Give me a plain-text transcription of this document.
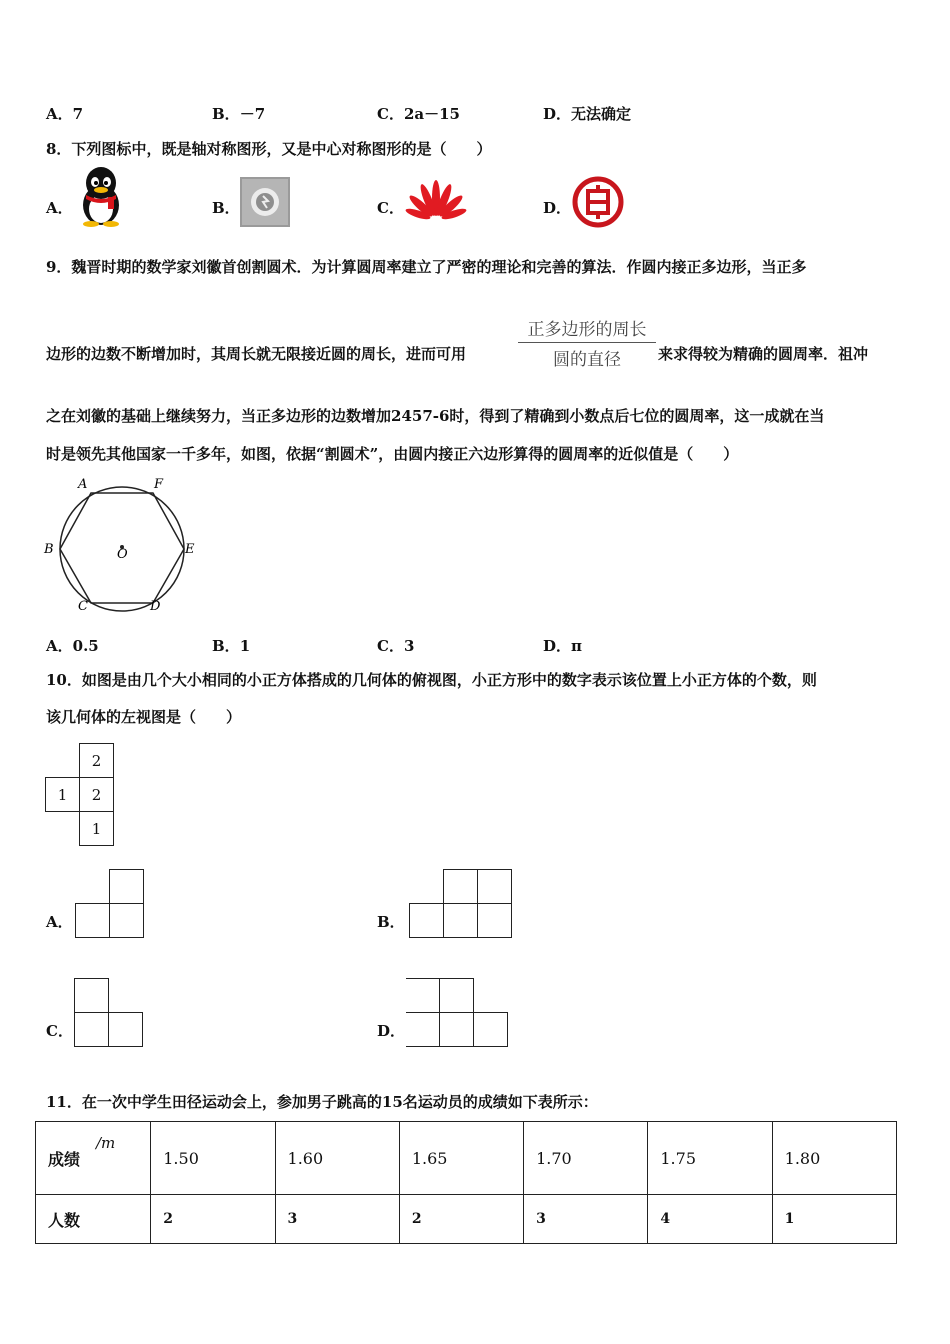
A．7	B．－7	C．2a－15	D．无法确定
8．下列图标中，既是轴对称图形，又是中心对称图形的是（　　）
A．	B．	C．	D．
9．魏晋时期的数学家刘徽首创割圆术．为计算圆周率建立了严密的理论和完善的算法．作圆内接正多边形，当正多
边形的边数不断增加时，其周长就无限接近圆的周长，进而可用
正多边形的周长
圆的直径	来求得较为精确的圆周率．祖冲
之在刘徽的基础上继续努力，当正多边形的边数增加2457-6时，得到了精确到小数点后七位的圆周率，这一成就在当
时是领先其他国家一千多年，如图，依据“割圆术”，由圆内接正六边形算得的圆周率的近似值是（　　）
A	F
B	E
C	D
O
A．0.5	B．1	C．3	D．π
10．如图是由几个大小相同的小正方体搭成的几何体的俯视图，小正方形中的数字表示该位置上小正方体的个数，则
该几何体的左视图是（　　）
	2
1	2
	1
A．

		B．

C．

		D．

11．在一次中学生田径运动会上，参加男子跳高的15名运动员的成绩如下表所示：
成绩
/m	1.50	1.60	1.65	1.70	1.75	1.80
人数	2	3	2	3	4	1
